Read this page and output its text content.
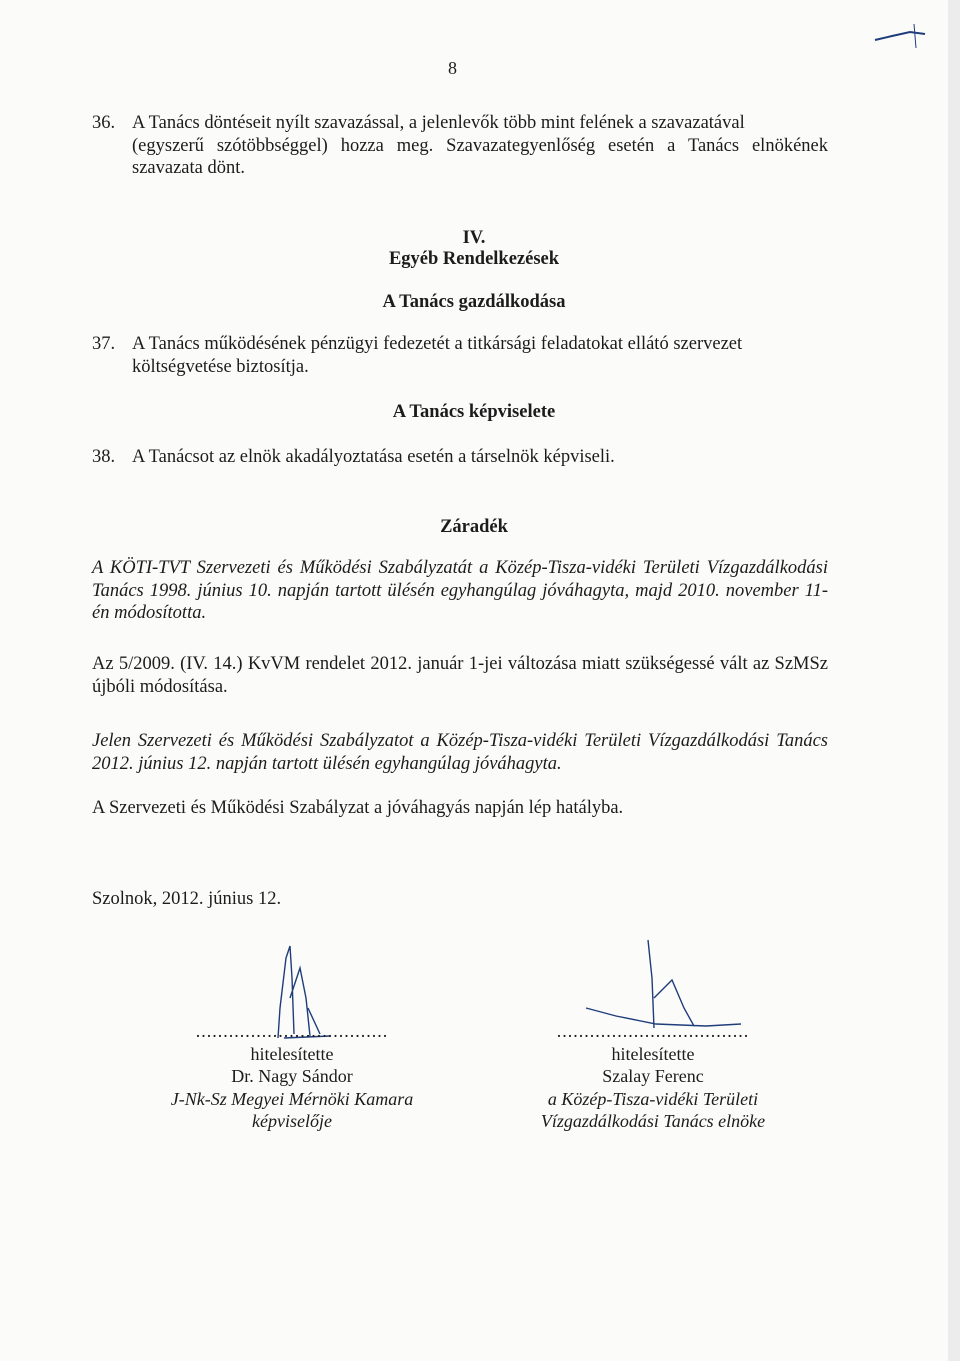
8
36. A Tanács döntéseit nyílt szavazással, a jelenlevők több mint felének a szavazatával
(egyszerű szótöbbséggel) hozza meg. Szavazategyenlőség esetén a Tanács elnökének szavazata dönt.
IV.
Egyéb Rendelkezések
A Tanács gazdálkodása
37. A Tanács működésének pénzügyi fedezetét a titkársági feladatokat ellátó szervezet
költségvetése biztosítja.
A Tanács képviselete
38. A Tanácsot az elnök akadályoztatása esetén a társelnök képviseli.
Záradék
A KÖTI-TVT Szervezeti és Működési Szabályzatát a Közép-Tisza-vidéki Területi Vízgazdálkodási Tanács 1998. június 10. napján tartott ülésén egyhangúlag jóváhagyta, majd 2010. november 11-én módosította.
Az 5/2009. (IV. 14.) KvVM rendelet 2012. január 1-jei változása miatt szükségessé vált az SzMSz újbóli módosítása.
Jelen Szervezeti és Működési Szabályzatot a Közép-Tisza-vidéki Területi Vízgazdálkodási Tanács 2012. június 12. napján tartott ülésén egyhangúlag jóváhagyta.
A Szervezeti és Működési Szabályzat a jóváhagyás napján lép hatályba.
Szolnok, 2012. június 12.
...................................
hitelesítette
Dr. Nagy Sándor
J-Nk-Sz Megyei Mérnöki Kamara
képviselője
...................................
hitelesítette
Szalay Ferenc
a Közép-Tisza-vidéki Területi
Vízgazdálkodási Tanács elnöke
